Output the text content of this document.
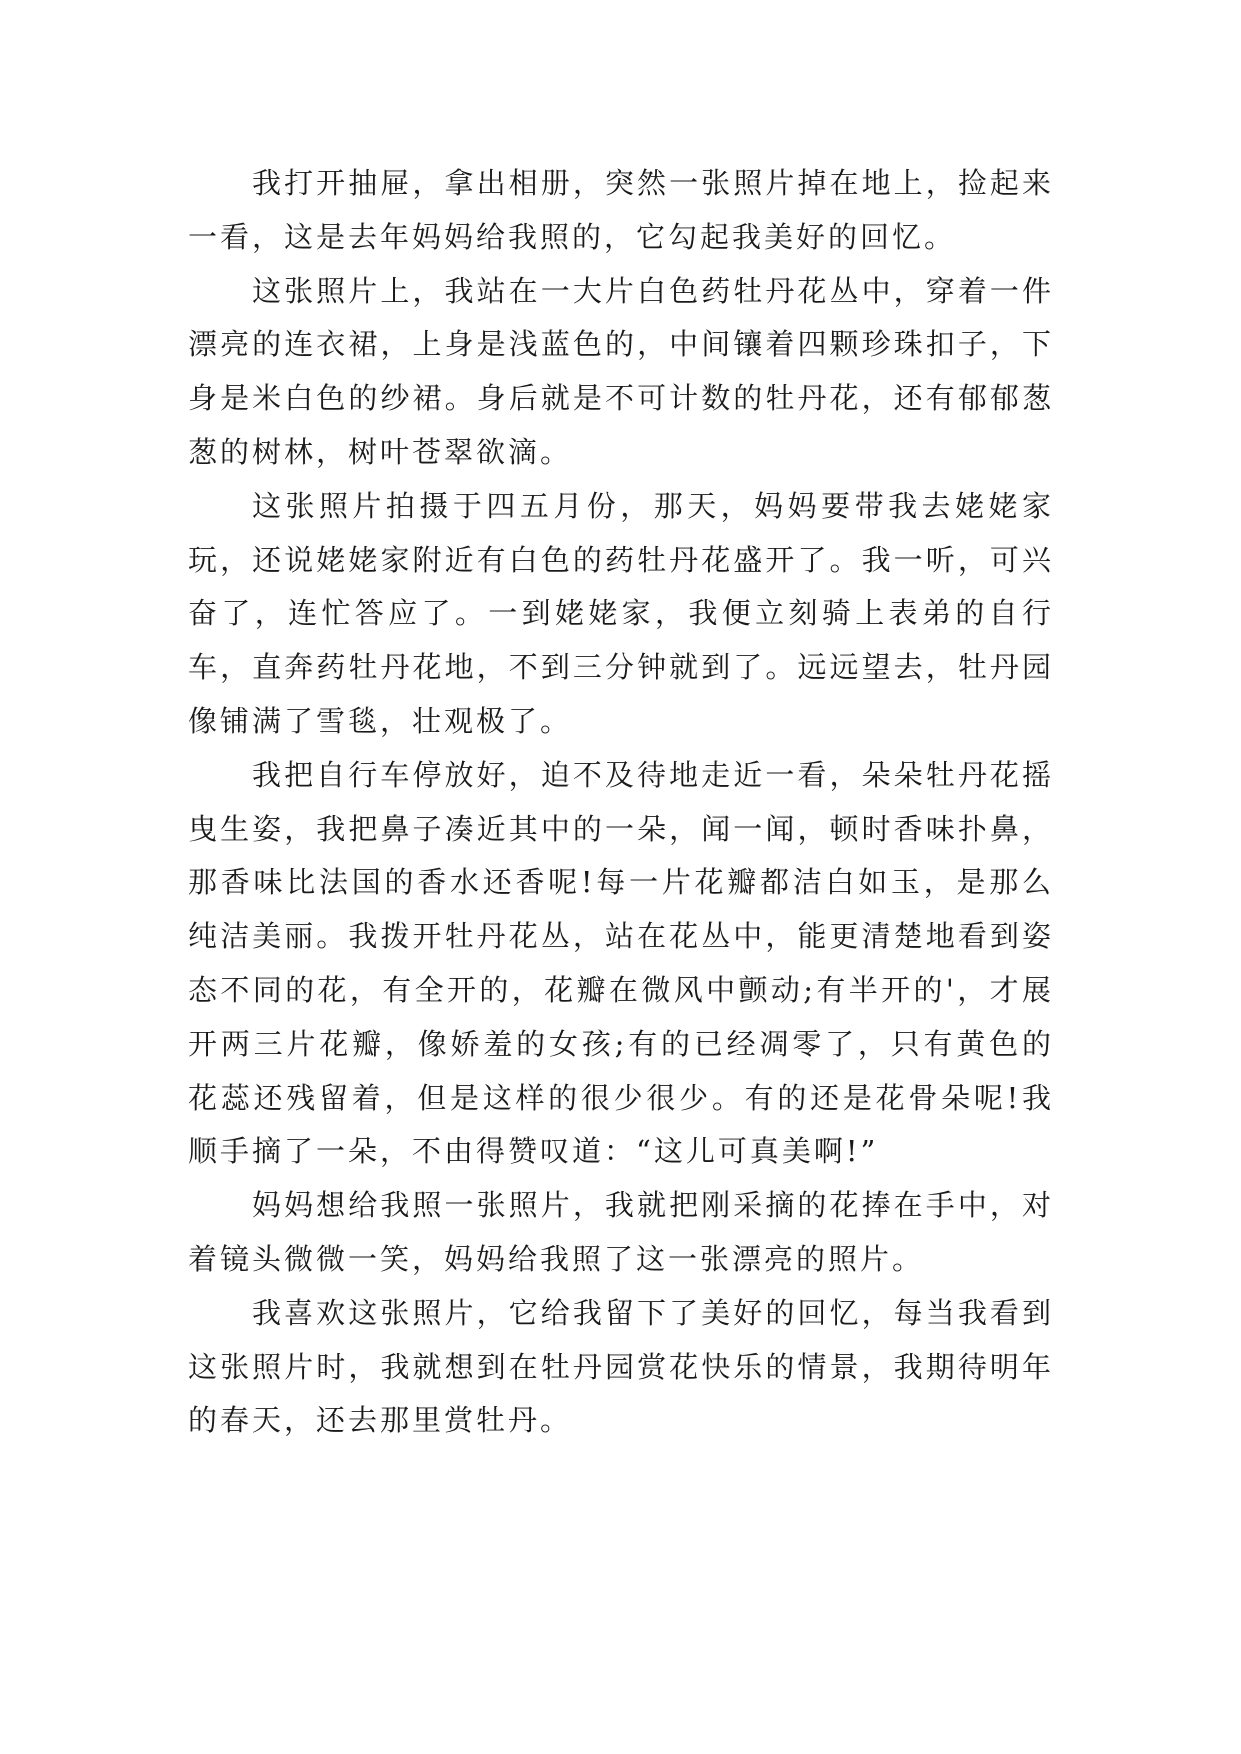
我打开抽屉，拿出相册，突然一张照片掉在地上，捡起来一看，这是去年妈妈给我照的，它勾起我美好的回忆。

这张照片上，我站在一大片白色药牡丹花丛中，穿着一件漂亮的连衣裙，上身是浅蓝色的，中间镶着四颗珍珠扣子，下身是米白色的纱裙。身后就是不可计数的牡丹花，还有郁郁葱葱的树林，树叶苍翠欲滴。

这张照片拍摄于四五月份，那天，妈妈要带我去姥姥家玩，还说姥姥家附近有白色的药牡丹花盛开了。我一听，可兴奋了，连忙答应了。一到姥姥家，我便立刻骑上表弟的自行车，直奔药牡丹花地，不到三分钟就到了。远远望去，牡丹园像铺满了雪毯，壮观极了。

我把自行车停放好，迫不及待地走近一看，朵朵牡丹花摇曳生姿，我把鼻子凑近其中的一朵，闻一闻，顿时香味扑鼻，那香味比法国的香水还香呢!每一片花瓣都洁白如玉，是那么纯洁美丽。我拨开牡丹花丛，站在花丛中，能更清楚地看到姿态不同的花，有全开的，花瓣在微风中颤动;有半开的'，才展开两三片花瓣，像娇羞的女孩;有的已经凋零了，只有黄色的花蕊还残留着，但是这样的很少很少。有的还是花骨朵呢!我顺手摘了一朵，不由得赞叹道：“这儿可真美啊!”

妈妈想给我照一张照片，我就把刚采摘的花捧在手中，对着镜头微微一笑，妈妈给我照了这一张漂亮的照片。

我喜欢这张照片，它给我留下了美好的回忆，每当我看到这张照片时，我就想到在牡丹园赏花快乐的情景，我期待明年的春天，还去那里赏牡丹。
